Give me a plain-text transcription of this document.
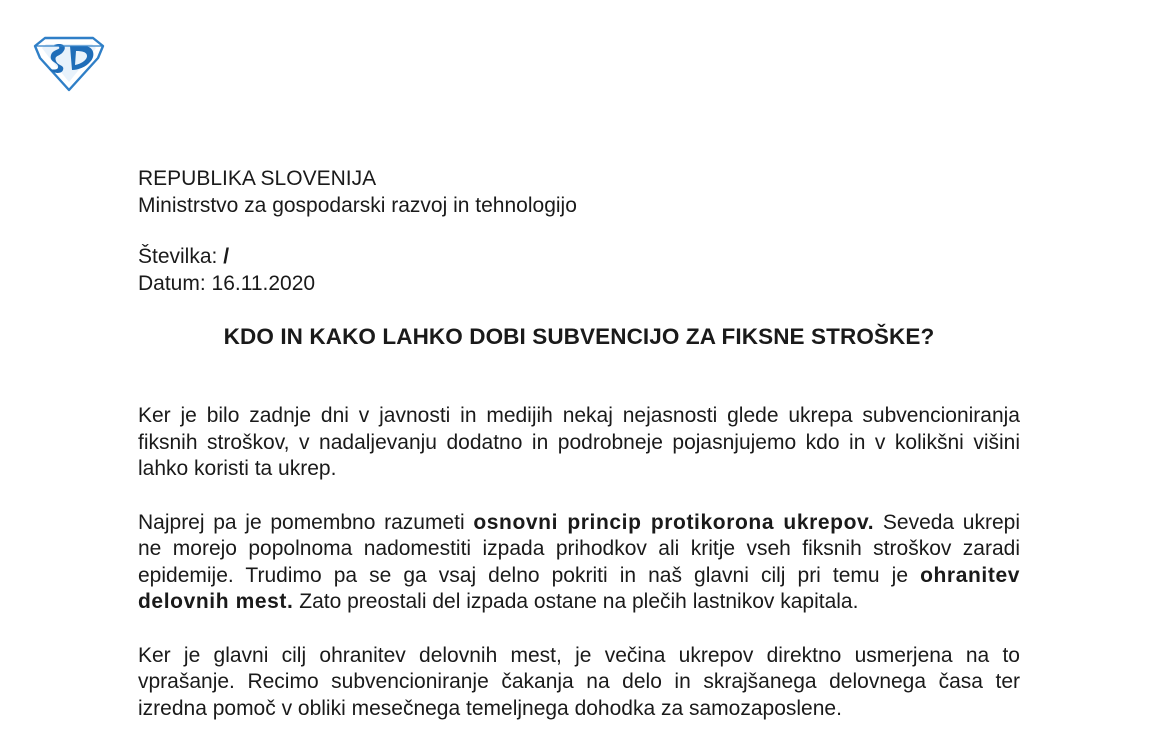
REPUBLIKA SLOVENIJA
Ministrstvo za gospodarski razvoj in tehnologijo
Številka: /
Datum: 16.11.2020
KDO IN KAKO LAHKO DOBI SUBVENCIJO ZA FIKSNE STROŠKE?

Ker je bilo zadnje dni v javnosti in medijih nekaj nejasnosti glede ukrepa subvencioniranja fiksnih stroškov, v nadaljevanju dodatno in podrobneje pojasnjujemo kdo in v kolikšni višini lahko koristi ta ukrep.

Najprej pa je pomembno razumeti osnovni princip protikorona ukrepov. Seveda ukrepi ne morejo popolnoma nadomestiti izpada prihodkov ali kritje vseh fiksnih stroškov zaradi epidemije. Trudimo pa se ga vsaj delno pokriti in naš glavni cilj pri temu je ohranitev delovnih mest. Zato preostali del izpada ostane na plečih lastnikov kapitala.

Ker je glavni cilj ohranitev delovnih mest, je večina ukrepov direktno usmerjena na to vprašanje. Recimo subvencioniranje čakanja na delo in skrajšanega delovnega časa ter izredna pomoč v obliki mesečnega temeljnega dohodka za samozaposlene.
